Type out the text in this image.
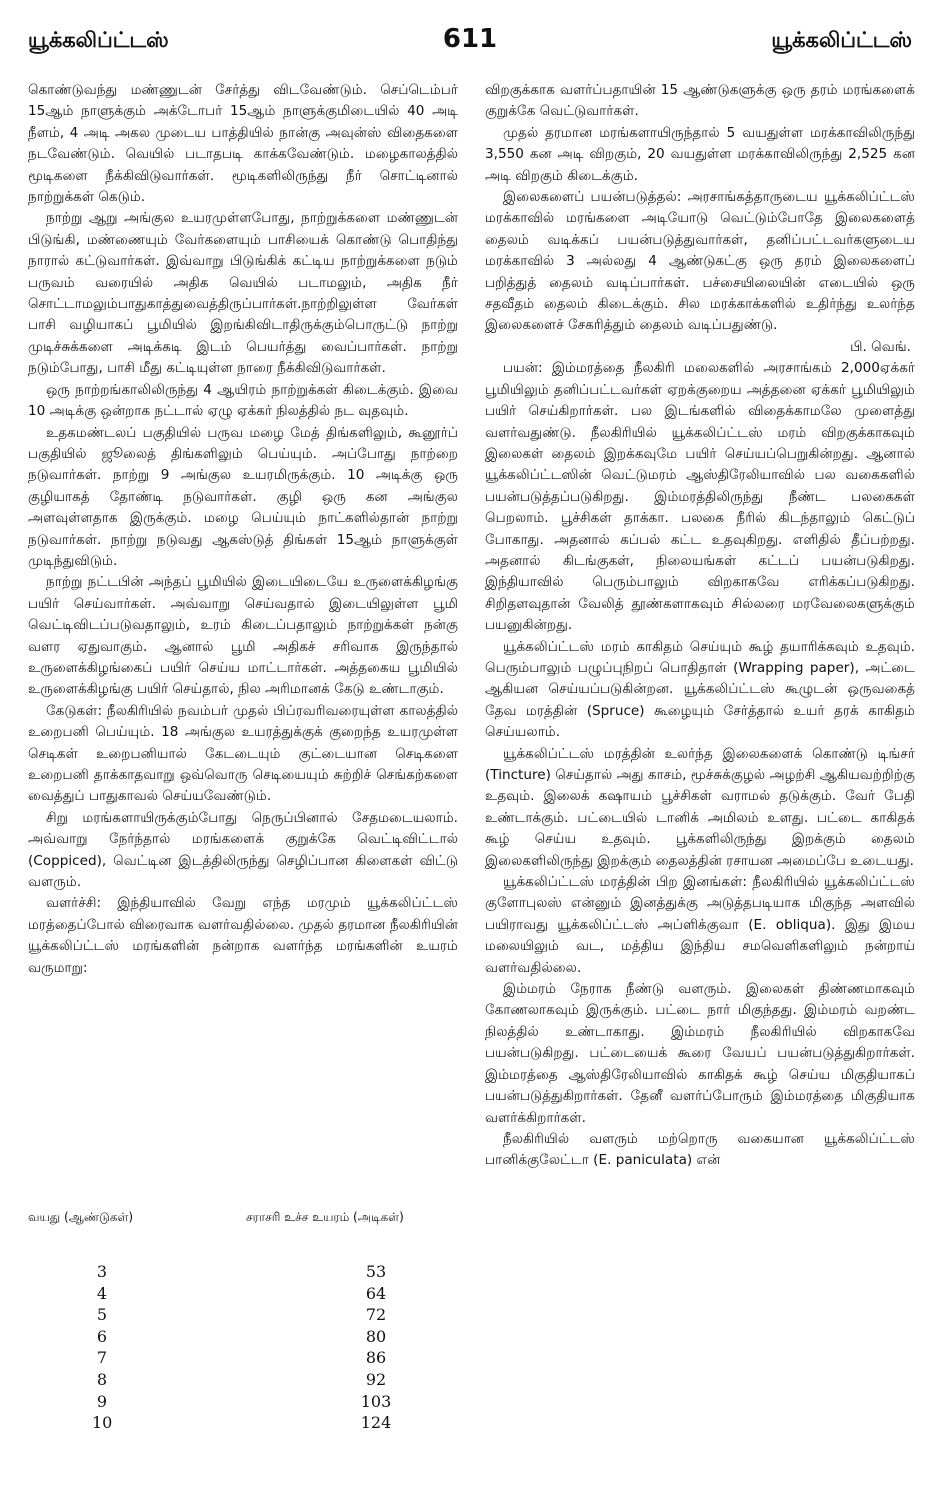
யூக்கலிப்ட்டஸ்	611	யூக்கலிப்ட்டஸ்

கொண்டுவந்து மண்ணுடன் சேர்த்து விடவேண்டும். செப்டெம்பர் 15ஆம் நாளுக்கும் அக்டோபர் 15ஆம் நாளுக்குமிடையில் 40 அடி நீளம், 4 அடி அகல முடைய பாத்தியில் நான்கு அவுன்ஸ் விதைகளை நடவேண்டும். வெயில் படாதபடி காக்கவேண்டும். மழைகாலத்தில் மூடிகளை நீக்கிவிடுவார்கள். மூடிகளிலிருந்து நீர் சொட்டினால் நாற்றுக்கள் கெடும்.

நாற்று ஆறு அங்குல உயரமுள்ளபோது, நாற்றுக்களை மண்ணுடன் பிடுங்கி, மண்ணையும் வேர்களையும் பாசியைக் கொண்டு பொதிந்து நாரால் கட்டுவார்கள். இவ்வாறு பிடுங்கிக் கட்டிய நாற்றுக்களை நடும் பருவம் வரையில் அதிக வெயில் படாமலும், அதிக நீர் சொட்டாமலும்பாதுகாத்துவைத்திருப்பார்கள்.நாற்றிலுள்ள வேர்கள் பாசி வழியாகப் பூமியில் இறங்கிவிடாதிருக்கும்பொருட்டு நாற்று முடிச்சுக்களை அடிக்கடி இடம் பெயர்த்து வைப்பார்கள். நாற்று நடும்போது, பாசி மீது கட்டியுள்ள நாரை நீக்கிவிடுவார்கள்.

ஒரு நாற்றங்காலிலிருந்து 4 ஆயிரம் நாற்றுக்கள் கிடைக்கும். இவை 10 அடிக்கு ஒன்றாக நட்டால் ஏழு ஏக்கர் நிலத்தில் நட வுதவும்.

உதகமண்டலப் பகுதியில் பருவ மழை மேத் திங்களிலும், கூனூர்ப் பகுதியில் ஜூலைத் திங்களிலும் பெய்யும். அப்போது நாற்றை நடுவார்கள். நாற்று 9 அங்குல உயரமிருக்கும். 10 அடிக்கு ஒரு குழியாகத் தோண்டி நடுவார்கள். குழி ஒரு கன அங்குல அளவுள்ளதாக இருக்கும். மழை பெய்யும் நாட்களில்தான் நாற்று நடுவார்கள். நாற்று நடுவது ஆகஸ்டுத் திங்கள் 15ஆம் நாளுக்குள் முடிந்துவிடும்.

நாற்று நட்டபின் அந்தப் பூமியில் இடையிடையே உருளைக்கிழங்கு பயிர் செய்வார்கள். அவ்வாறு செய்வதால் இடையிலுள்ள பூமி வெட்டிவிடப்படுவதாலும், உரம் கிடைப்பதாலும் நாற்றுக்கள் நன்கு வளர ஏதுவாகும். ஆனால் பூமி அதிகச் சரிவாக இருந்தால் உருளைக்கிழங்கைப் பயிர் செய்ய மாட்டார்கள். அத்தகைய பூமியில் உருளைக்கிழங்கு பயிர் செய்தால், நில அரிமானக் கேடு உண்டாகும்.

கேடுகள்: நீலகிரியில் நவம்பர் முதல் பிப்ரவரிவரையுள்ள காலத்தில் உறைபனி பெய்யும். 18 அங்குல உயரத்துக்குக் குறைந்த உயரமுள்ள செடிகள் உறைபனியால் கேடடையும் குட்டையான செடிகளை உறைபனி தாக்காதவாறு ஒவ்வொரு செடியையும் சுற்றிச் செங்கற்களை வைத்துப் பாதுகாவல் செய்யவேண்டும்.

சிறு மரங்களாயிருக்கும்போது நெருப்பினால் சேதமடையலாம். அவ்வாறு நேர்ந்தால் மரங்களைக் குறுக்கே வெட்டிவிட்டால் (Coppiced), வெட்டின இடத்திலிருந்து செழிப்பான கிளைகள் விட்டு வளரும்.

வளர்ச்சி: இந்தியாவில் வேறு எந்த மரமும் யூக்கலிப்ட்டஸ் மரத்தைப்போல் விரைவாக வளர்வதில்லை. முதல் தரமான நீலகிரியின் யூக்கலிப்ட்டஸ் மரங்களின் நன்றாக வளர்ந்த மரங்களின் உயரம் வருமாறு:

வயது (ஆண்டுகள்)	சராசரி உச்ச உயரம் (அடிகள்)
3	53
4	64
5	72
6	80
7	86
8	92
9	103
10	124

விறகுக்காக வளர்ப்பதாயின் 15 ஆண்டுகளுக்கு ஒரு தரம் மரங்களைக் குறுக்கே வெட்டுவார்கள்.

முதல் தரமான மரங்களாயிருந்தால் 5 வயதுள்ள மரக்காவிலிருந்து 3,550 கன அடி விறகும், 20 வயதுள்ள மரக்காவிலிருந்து 2,525 கன அடி விறகும் கிடைக்கும்.

இலைகளைப் பயன்படுத்தல்: அரசாங்கத்தாருடைய யூக்கலிப்ட்டஸ் மரக்காவில் மரங்களை அடியோடு வெட்டும்போதே இலைகளைத் தைலம் வடிக்கப் பயன்படுத்துவார்கள், தனிப்பட்டவர்களுடைய மரக்காவில் 3 அல்லது 4 ஆண்டுகட்கு ஒரு தரம் இலைகளைப் பறித்துத் தைலம் வடிப்பார்கள். பச்சையிலையின் எடையில் ஒரு சதவீதம் தைலம் கிடைக்கும். சில மரக்காக்களில் உதிர்ந்து உலர்ந்த இலைகளைச் சேகரித்தும் தைலம் வடிப்பதுண்டு.

பி. வெங்.

பயன்: இம்மரத்தை நீலகிரி மலைகளில் அரசாங்கம் 2,000ஏக்கர் பூமியிலும் தனிப்பட்டவர்கள் ஏறக்குறைய அத்தனை ஏக்கர் பூமியிலும் பயிர் செய்கிறார்கள். பல இடங்களில் விதைக்காமலே முளைத்து வளர்வதுண்டு. நீலகிரியில் யூக்கலிப்ட்டஸ் மரம் விறகுக்காகவும் இலைகள் தைலம் இறக்கவுமே பயிர் செய்யப்பெறுகின்றது. ஆனால் யூக்கலிப்ட்டஸின் வெட்டுமரம் ஆஸ்திரேலியாவில் பல வகைகளில் பயன்படுத்தப்படுகிறது. இம்மரத்திலிருந்து நீண்ட பலகைகள் பெறலாம். பூச்சிகள் தாக்கா. பலகை நீரில் கிடந்தாலும் கெட்டுப் போகாது. அதனால் கப்பல் கட்ட உதவுகிறது. எளிதில் தீப்பற்றது. அதனால் கிடங்குகள், நிலையங்கள் கட்டப் பயன்படுகிறது. இந்தியாவில் பெரும்பாலும் விறகாகவே எரிக்கப்படுகிறது. சிறிதளவுதான் வேலித் தூண்களாகவும் சில்லரை மரவேலைகளுக்கும் பயனுகின்றது.

யூக்கலிப்ட்டஸ் மரம் காகிதம் செய்யும் கூழ் தயாரிக்கவும் உதவும். பெரும்பாலும் பழுப்புநிறப் பொதிதாள் (Wrapping paper), அட்டை ஆகியன செய்யப்படுகின்றன. யூக்கலிப்ட்டஸ் கூழுடன் ஒருவகைத் தேவ மரத்தின் (Spruce) கூழையும் சேர்த்தால் உயர் தரக் காகிதம் செய்யலாம்.

யூக்கலிப்ட்டஸ் மரத்தின் உலர்ந்த இலைகளைக் கொண்டு டிங்சர் (Tincture) செய்தால் அது காசம், மூச்சுக்குழல் அழற்சி ஆகியவற்றிற்கு உதவும். இலைக் கஷாயம் பூச்சிகள் வராமல் தடுக்கும். வேர் பேதி உண்டாக்கும். பட்டையில் டானிக் அமிலம் உளது. பட்டை காகிதக் கூழ் செய்ய உதவும். பூக்களிலிருந்து இறக்கும் தைலம் இலைகளிலிருந்து இறக்கும் தைலத்தின் ரசாயன அமைப்பே உடையது.

யூக்கலிப்ட்டஸ் மரத்தின் பிற இனங்கள்: நீலகிரியில் யூக்கலிப்ட்டஸ் குளோபுலஸ் என்னும் இனத்துக்கு அடுத்தபடியாக மிகுந்த அளவில் பயிராவது யூக்கலிப்ட்டஸ் அப்ளிக்குவா (E. obliqua). இது இமய மலையிலும் வட, மத்திய இந்திய சமவெளிகளிலும் நன்றாய் வளர்வதில்லை.

இம்மரம் நேராக நீண்டு வளரும். இலைகள் திண்ணமாகவும் கோணலாகவும் இருக்கும். பட்டை நார் மிகுந்தது. இம்மரம் வறண்ட நிலத்தில் உண்டாகாது. இம்மரம் நீலகிரியில் விறகாகவே பயன்படுகிறது. பட்டையைக் கூரை வேயப் பயன்படுத்துகிறார்கள். இம்மரத்தை ஆஸ்திரேலியாவில் காகிதக் கூழ் செய்ய மிகுதியாகப் பயன்படுத்துகிறார்கள். தேனீ வளர்ப்போரும் இம்மரத்தை மிகுதியாக வளர்க்கிறார்கள்.

நீலகிரியில் வளரும் மற்றொரு வகையான யூக்கலிப்ட்டஸ் பானிக்குலேட்டா (E. paniculata) என்
